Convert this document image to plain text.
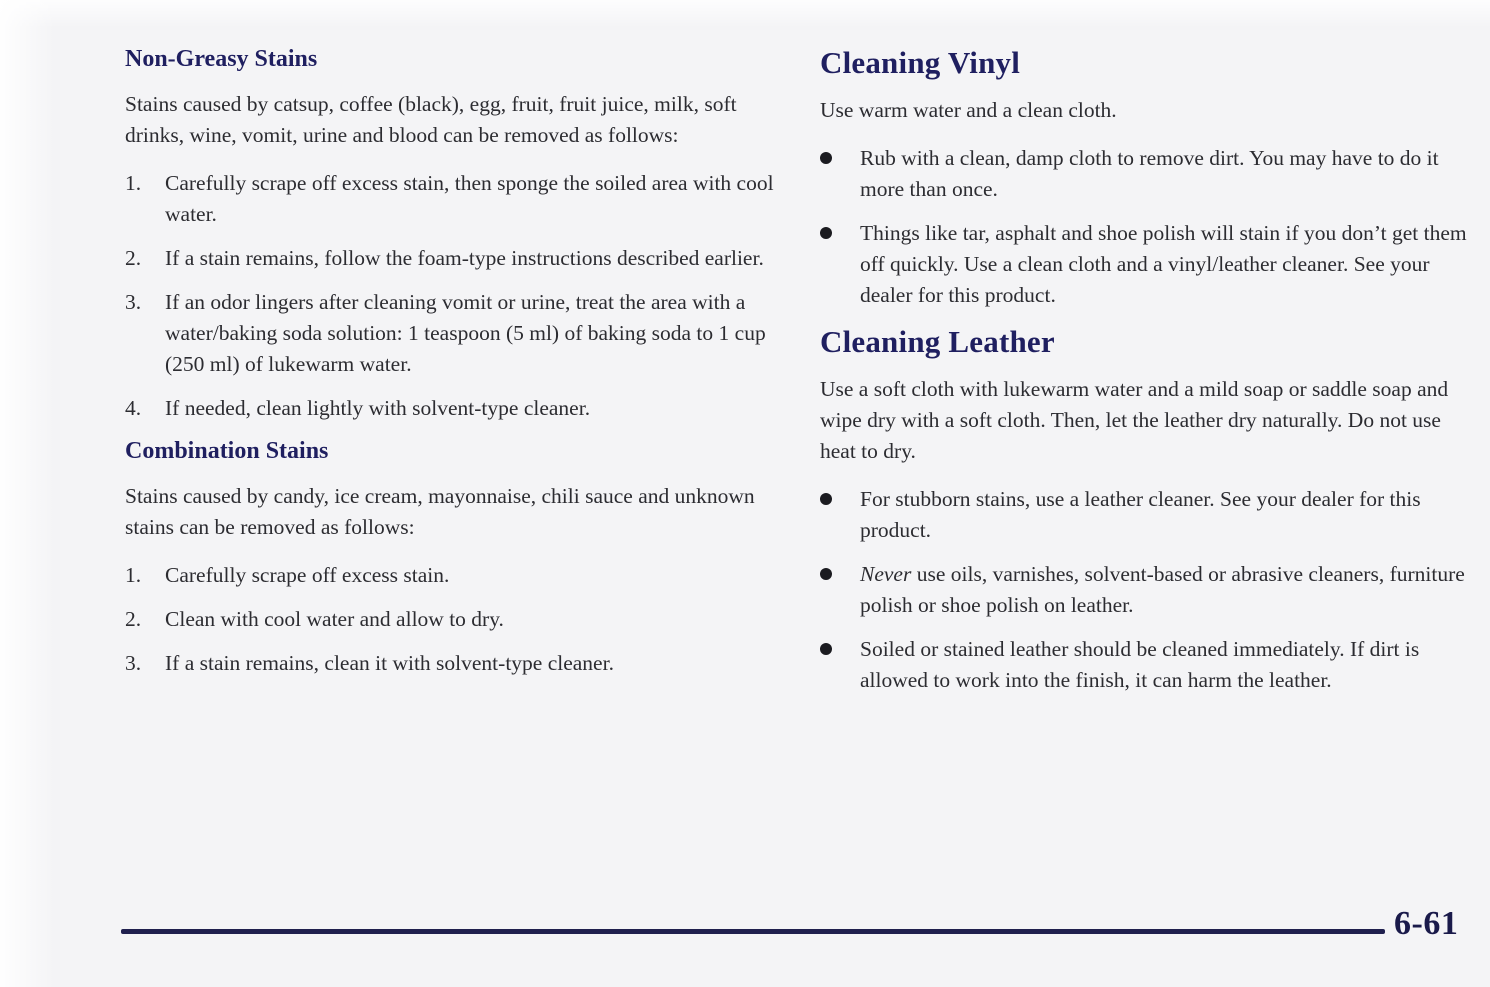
Non-Greasy Stains

Stains caused by catsup, coffee (black), egg, fruit, fruit juice, milk, soft drinks, wine, vomit, urine and blood can be removed as follows:

1.	Carefully scrape off excess stain, then sponge the soiled area with cool water.
2.	If a stain remains, follow the foam-type instructions described earlier.
3.	If an odor lingers after cleaning vomit or urine, treat the area with a water/baking soda solution: 1 teaspoon (5 ml) of baking soda to 1 cup (250 ml) of lukewarm water.
4.	If needed, clean lightly with solvent-type cleaner.
Combination Stains

Stains caused by candy, ice cream, mayonnaise, chili sauce and unknown stains can be removed as follows:

1.	Carefully scrape off excess stain.
2.	Clean with cool water and allow to dry.
3.	If a stain remains, clean it with solvent-type cleaner.
Cleaning Vinyl

Use warm water and a clean cloth.

Rub with a clean, damp cloth to remove dirt. You may have to do it more than once.
Things like tar, asphalt and shoe polish will stain if you don’t get them off quickly. Use a clean cloth and a vinyl/leather cleaner. See your dealer for this product.
Cleaning Leather

Use a soft cloth with lukewarm water and a mild soap or saddle soap and wipe dry with a soft cloth. Then, let the leather dry naturally. Do not use heat to dry.

For stubborn stains, use a leather cleaner. See your dealer for this product.
Never use oils, varnishes, solvent-based or abrasive cleaners, furniture polish or shoe polish on leather.
Soiled or stained leather should be cleaned immediately. If dirt is allowed to work into the finish, it can harm the leather.
6-61
